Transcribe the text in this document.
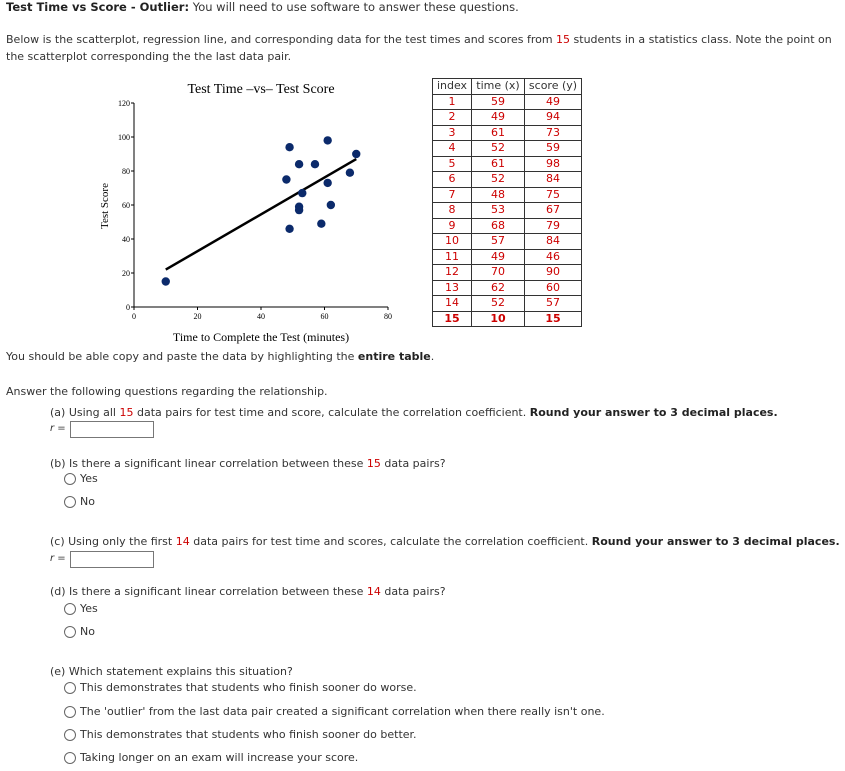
Test Time vs Score - Outlier: You will need to use software to answer these questions.
Below is the scatterplot, regression line, and corresponding data for the test times and scores from 15 students in a statistics class. Note the point on
the scatterplot corresponding the the last data pair.
Test Time –vs– Test Score
Test Score
Time to Complete the Test (minutes)
0	20	40	60	80
0
20
40
60
80
100
120
index	time (x)	score (y)
1	59	49
2	49	94
3	61	73
4	52	59
5	61	98
6	52	84
7	48	75
8	53	67
9	68	79
10	57	84
11	49	46
12	70	90
13	62	60
14	52	57
15	10	15
You should be able copy and paste the data by highlighting the entire table.
Answer the following questions regarding the relationship.
(a) Using all 15 data pairs for test time and score, calculate the correlation coefficient. Round your answer to 3 decimal places.
r =
(b) Is there a significant linear correlation between these 15 data pairs?
Yes
No
(c) Using only the first 14 data pairs for test time and scores, calculate the correlation coefficient. Round your answer to 3 decimal places.
r =
(d) Is there a significant linear correlation between these 14 data pairs?
Yes
No
(e) Which statement explains this situation?
This demonstrates that students who finish sooner do worse.
The 'outlier' from the last data pair created a significant correlation when there really isn't one.
This demonstrates that students who finish sooner do better.
Taking longer on an exam will increase your score.
